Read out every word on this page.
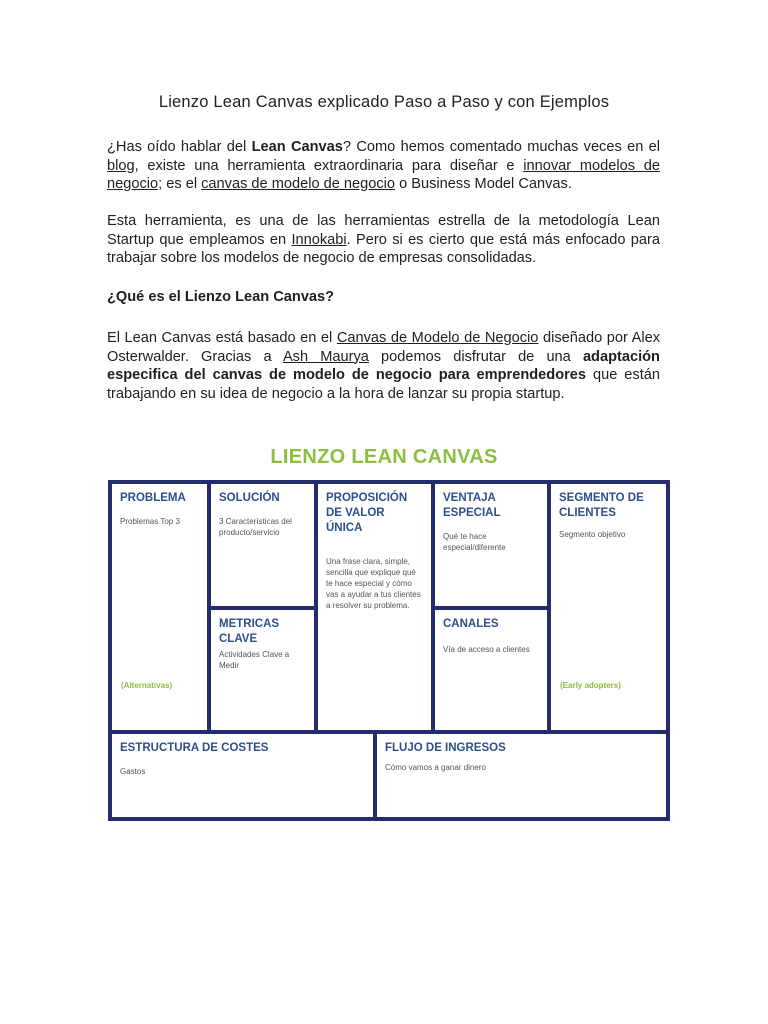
Lienzo Lean Canvas explicado Paso a Paso y con Ejemplos

¿Has oído hablar del Lean Canvas? Como hemos comentado muchas veces en el blog, existe una herramienta extraordinaria para diseñar e innovar modelos de negocio; es el canvas de modelo de negocio o Business Model Canvas.

Esta herramienta, es una de las herramientas estrella de la metodología Lean Startup que empleamos en Innokabi. Pero si es cierto que está más enfocado para trabajar sobre los modelos de negocio de empresas consolidadas.

¿Qué es el Lienzo Lean Canvas?

El Lean Canvas está basado en el Canvas de Modelo de Negocio diseñado por Alex Osterwalder. Gracias a Ash Maurya podemos disfrutar de una adaptación especifica del canvas de modelo de negocio para emprendedores que están trabajando en su idea de negocio a la hora de lanzar su propia startup.

LIENZO LEAN CANVAS
PROBLEMA
Problemas Top 3
(Alternativas)
SOLUCIÓN
3 Características del producto/servicio
METRICAS CLAVE
Actividades Clave a Medir
PROPOSICIÓN DE VALOR ÚNICA
Una frase clara, simple, sencilla que explique qué te hace especial y cómo vas a ayudar a tus clientes a resolver su problema.
VENTAJA ESPECIAL
Qué te hace especial/diferente
CANALES
Vía de acceso a clientes
SEGMENTO DE CLIENTES
Segmento objetivo
(Early adopters)
ESTRUCTURA DE COSTES
Gastos
FLUJO DE INGRESOS
Cómo vamos a ganar dinero
